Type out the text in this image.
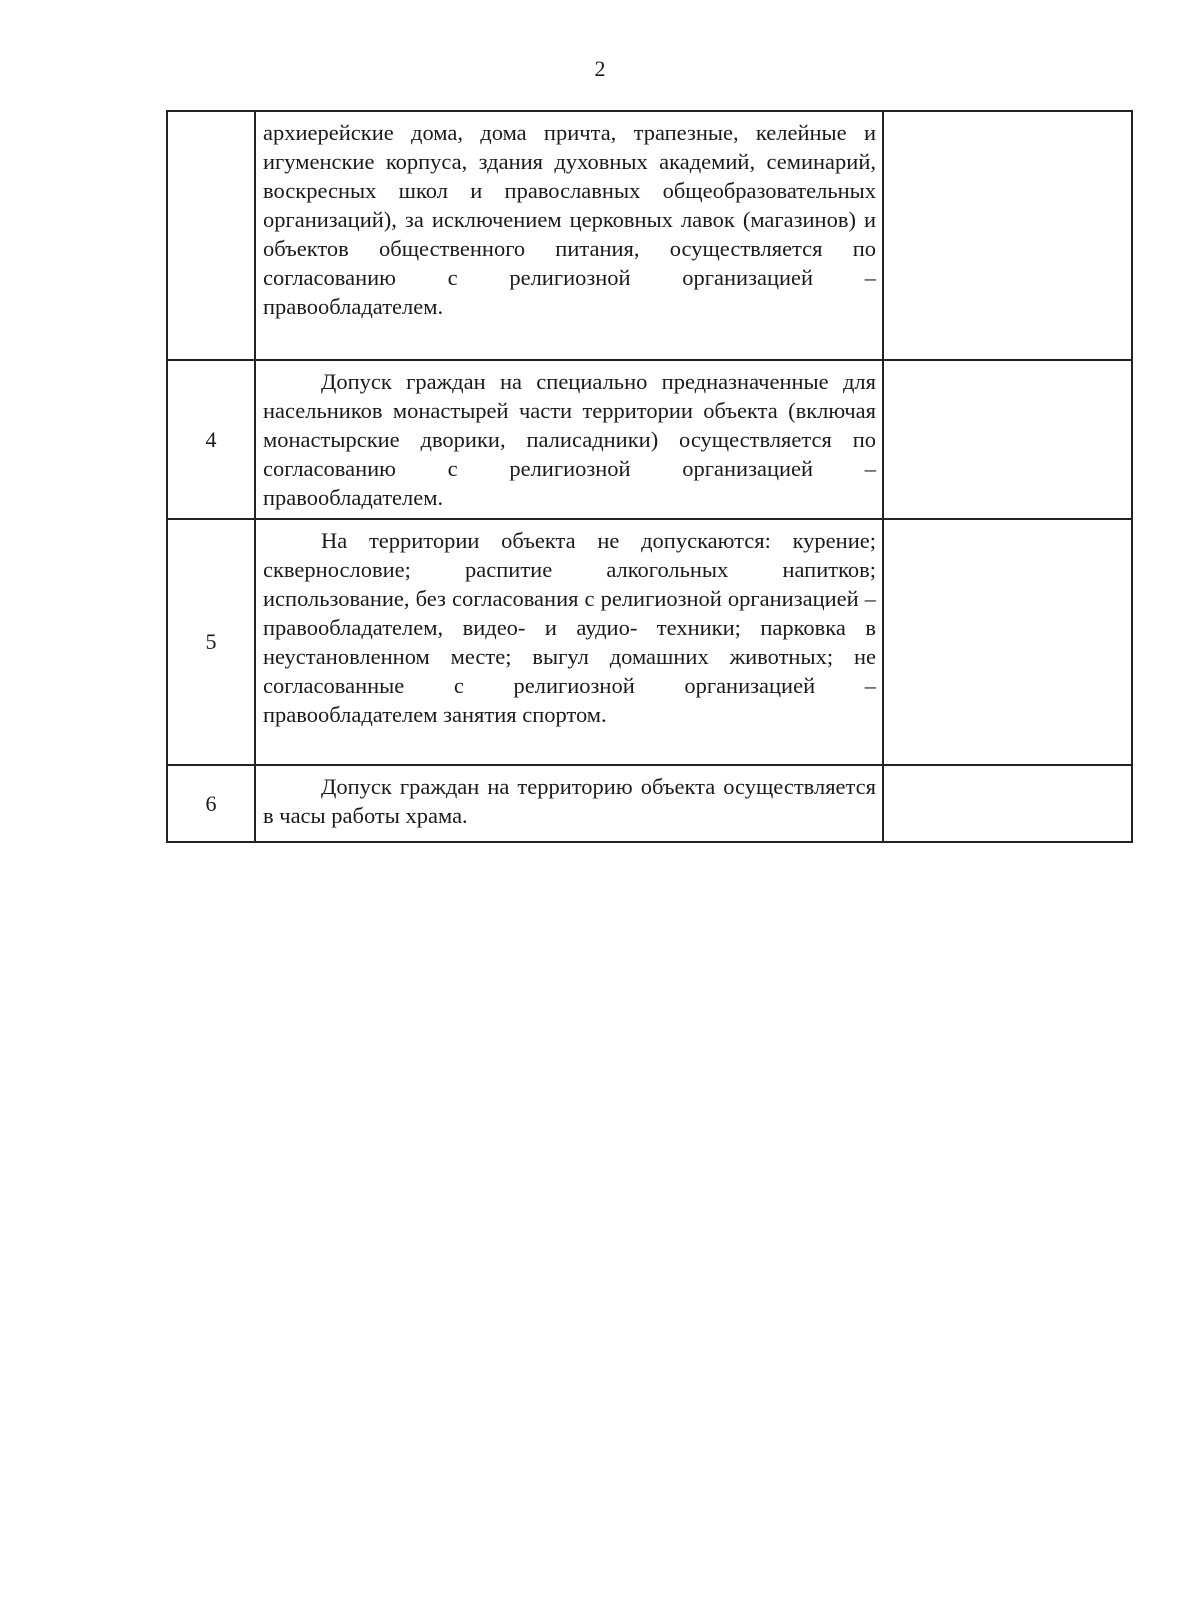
2
	архиерейские дома, дома причта, трапезные, келейные и игуменские корпуса, здания духовных академий, семинарий, воскресных школ и православных общеобразовательных организаций), за исключением церковных лавок (магазинов) и объектов общественного питания, осуществляется по согласованию с религиозной организацией – правообладателем.	
4	Допуск граждан на специально предназначенные для насельников монастырей части территории объекта (включая монастырские дворики, палисадники) осуществляется по согласованию с религиозной организацией – правообладателем.	
5	На территории объекта не допускаются: курение; сквернословие; распитие алкогольных напитков; использование, без согласования с религиозной организацией – правообладателем, видео- и аудио- техники; парковка в неустановленном месте; выгул домашних животных; не согласованные с религиозной организацией – правообладателем занятия спортом.	
6	Допуск граждан на территорию объекта осуществляется в часы работы храма.	
